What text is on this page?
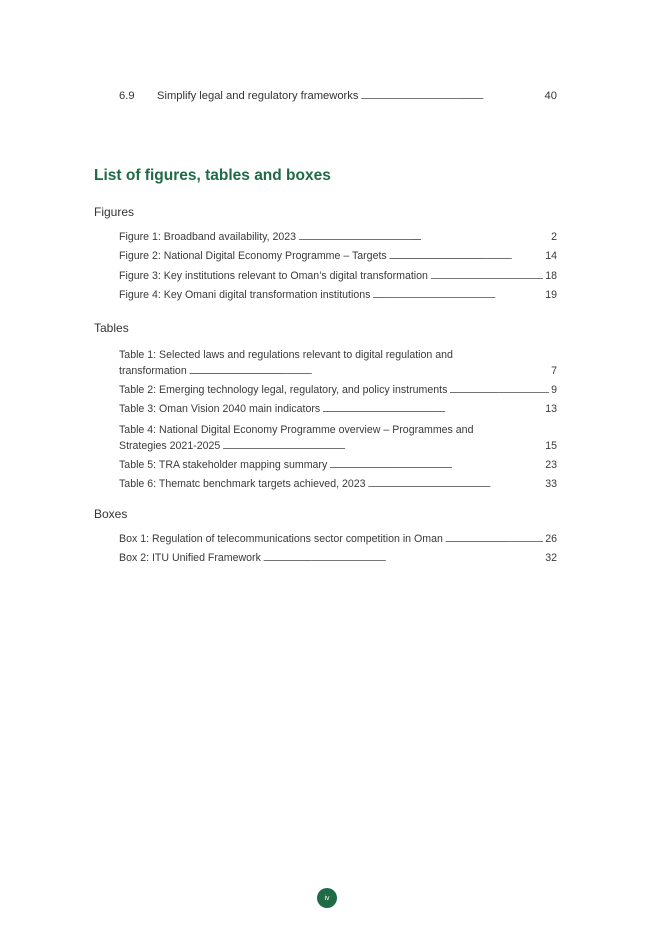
6.9	Simplify legal and regulatory frameworks . . .	40
List of figures, tables and boxes
Figures
Figure 1: Broadband availability, 2023 . . .	2
Figure 2: National Digital Economy Programme – Targets . . .	14
Figure 3: Key institutions relevant to Oman’s digital transformation . . .	18
Figure 4: Key Omani digital transformation institutions . . .	19
Tables
Table 1: Selected laws and regulations relevant to digital regulation and
transformation . . .	7
Table 2: Emerging technology legal, regulatory, and policy instruments . . .	9
Table 3: Oman Vision 2040 main indicators . . .	13
Table 4: National Digital Economy Programme overview – Programmes and
Strategies 2021-2025 . . .	15
Table 5: TRA stakeholder mapping summary . . .	23
Table 6: Thematc benchmark targets achieved, 2023 . . .	33
Boxes
Box 1: Regulation of telecommunications sector competition in Oman . . .	26
Box 2: ITU Unified Framework . . .	32
iv
